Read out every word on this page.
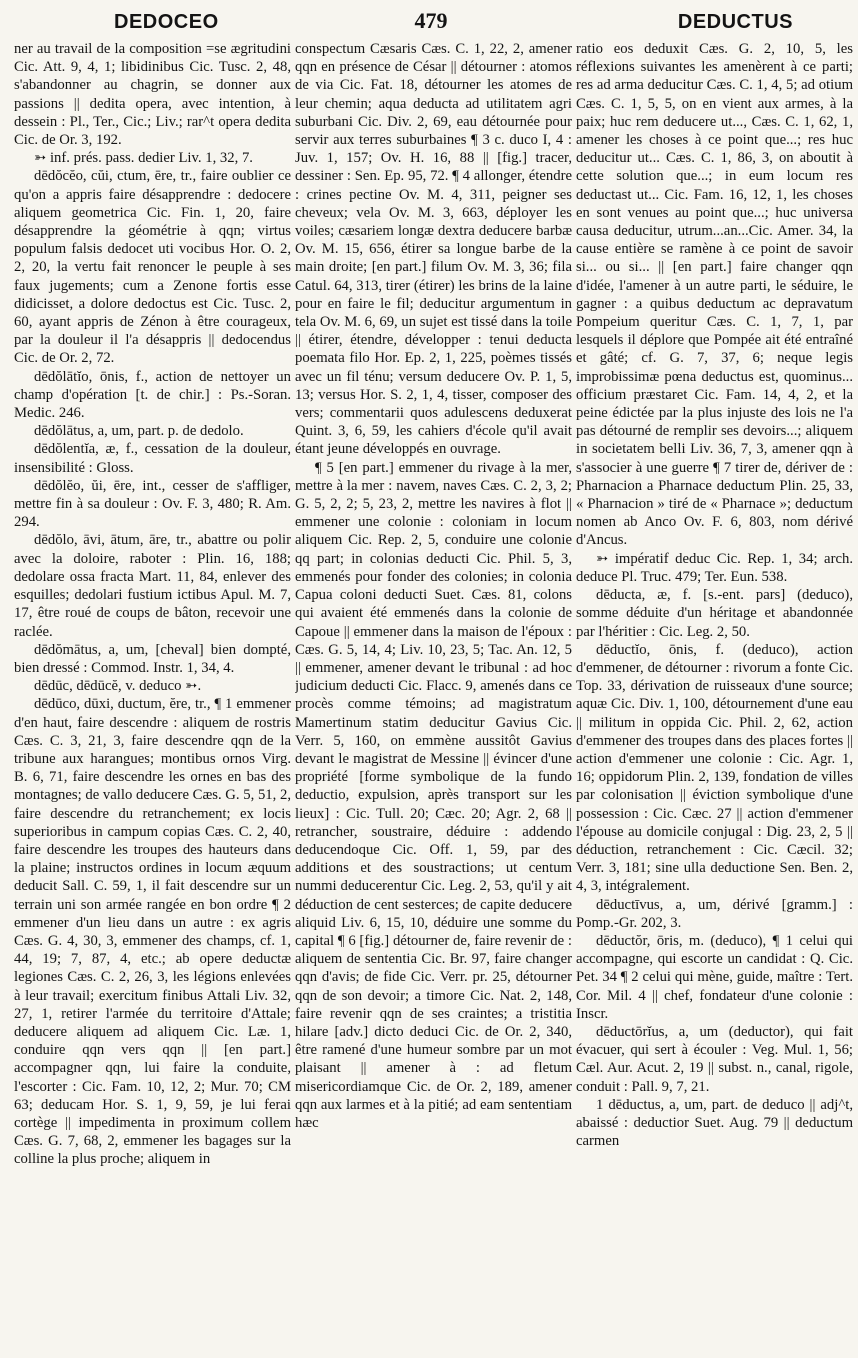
DEDOCEO	479	DEDUCTUS

ner au travail de la composition =se ægritudini Cic. Att. 9, 4, 1; libidinibus Cic. Tusc. 2, 48, s'abandonner au chagrin, se donner aux passions || dedita opera, avec intention, à dessein : Pl., Ter., Cic.; Liv.; rar^t opera dedita Cic. de Or. 3, 192.

➳ inf. prés. pass. dedier Liv. 1, 32, 7.

dēdŏcĕo, cŭi, ctum, ēre, tr., faire oublier ce qu'on a appris faire désapprendre : dedocere aliquem geometrica Cic. Fin. 1, 20, faire désapprendre la géométrie à qqn; virtus populum falsis dedocet uti vocibus Hor. O. 2, 2, 20, la vertu fait renoncer le peuple à ses faux jugements; cum a Zenone fortis esse didicisset, a dolore dedoctus est Cic. Tusc. 2, 60, ayant appris de Zénon à être courageux, par la douleur il l'a désappris || dedocendus Cic. de Or. 2, 72.

dēdŏlātĭo, ōnis, f., action de nettoyer un champ d'opération [t. de chir.] : Ps.-Soran. Medic. 246.

dēdŏlātus, a, um, part. p. de dedolo.

dēdŏlentĭa, æ, f., cessation de la douleur, insensibilité : Gloss.

dēdŏlĕo, ŭi, ēre, int., cesser de s'affliger, mettre fin à sa douleur : Ov. F. 3, 480; R. Am. 294.

dēdŏlo, āvi, ātum, āre, tr., abattre ou polir avec la doloire, raboter : Plin. 16, 188; dedolare ossa fracta Mart. 11, 84, enlever des esquilles; dedolari fustium ictibus Apul. M. 7, 17, être roué de coups de bâton, recevoir une raclée.

dēdŏmātus, a, um, [cheval] bien dompté, bien dressé : Commod. Instr. 1, 34, 4.

dēdūc, dēdūcĕ, v. deduco ➳.

dēdūco, dūxi, ductum, ĕre, tr., ¶ 1 emmener d'en haut, faire descendre : aliquem de rostris Cæs. C. 3, 21, 3, faire descendre qqn de la tribune aux harangues; montibus ornos Virg. B. 6, 71, faire descendre les ornes en bas des montagnes; de vallo deducere Cæs. G. 5, 51, 2, faire descendre du retranchement; ex locis superioribus in campum copias Cæs. C. 2, 40, faire descendre les troupes des hauteurs dans la plaine; instructos ordines in locum æquum deducit Sall. C. 59, 1, il fait descendre sur un terrain uni son armée rangée en bon ordre ¶ 2 emmener d'un lieu dans un autre : ex agris Cæs. G. 4, 30, 3, emmener des champs, cf. 1, 44, 19; 7, 87, 4, etc.; ab opere deductæ legiones Cæs. C. 2, 26, 3, les légions enlevées à leur travail; exercitum finibus Attali Liv. 32, 27, 1, retirer l'armée du territoire d'Attale; deducere aliquem ad aliquem Cic. Læ. 1, conduire qqn vers qqn || [en part.] accompagner qqn, lui faire la conduite, l'escorter : Cic. Fam. 10, 12, 2; Mur. 70; CM 63; deducam Hor. S. 1, 9, 59, je lui ferai cortège || impedimenta in proximum collem Cæs. G. 7, 68, 2, emmener les bagages sur la colline la plus proche; aliquem in

conspectum Cæsaris Cæs. C. 1, 22, 2, amener qqn en présence de César || détourner : atomos de via Cic. Fat. 18, détourner les atomes de leur chemin; aqua deducta ad utilitatem agri suburbani Cic. Div. 2, 69, eau détournée pour servir aux terres suburbaines ¶ 3 c. duco I, 4 : Juv. 1, 157; Ov. H. 16, 88 || [fig.] tracer, dessiner : Sen. Ep. 95, 72. ¶ 4 allonger, étendre : crines pectine Ov. M. 4, 311, peigner ses cheveux; vela Ov. M. 3, 663, déployer les voiles; cæsariem longæ dextra deducere barbæ Ov. M. 15, 656, étirer sa longue barbe de la main droite; [en part.] filum Ov. M. 3, 36; fila Catul. 64, 313, tirer (étirer) les brins de la laine pour en faire le fil; deducitur argumentum in tela Ov. M. 6, 69, un sujet est tissé dans la toile || étirer, étendre, développer : tenui deducta poemata filo Hor. Ep. 2, 1, 225, poèmes tissés avec un fil ténu; versum deducere Ov. P. 1, 5, 13; versus Hor. S. 2, 1, 4, tisser, composer des vers; commentarii quos adulescens deduxerat Quint. 3, 6, 59, les cahiers d'école qu'il avait étant jeune développés en ouvrage.

¶ 5 [en part.] emmener du rivage à la mer, mettre à la mer : navem, naves Cæs. C. 2, 3, 2; G. 5, 2, 2; 5, 23, 2, mettre les navires à flot || emmener une colonie : coloniam in locum aliquem Cic. Rep. 2, 5, conduire une colonie qq part; in colonias deducti Cic. Phil. 5, 3, emmenés pour fonder des colonies; in colonia Capua coloni deducti Suet. Cæs. 81, colons qui avaient été emmenés dans la colonie de Capoue || emmener dans la maison de l'époux : Cæs. G. 5, 14, 4; Liv. 10, 23, 5; Tac. An. 12, 5 || emmener, amener devant le tribunal : ad hoc judicium deducti Cic. Flacc. 9, amenés dans ce procès comme témoins; ad magistratum Mamertinum statim deducitur Gavius Cic. Verr. 5, 160, on emmène aussitôt Gavius devant le magistrat de Messine || évincer d'une propriété [forme symbolique de la fundo deductio, expulsion, après transport sur les lieux] : Cic. Tull. 20; Cæc. 20; Agr. 2, 68 || retrancher, soustraire, déduire : addendo deducendoque Cic. Off. 1, 59, par des additions et des soustractions; ut centum nummi deducerentur Cic. Leg. 2, 53, qu'il y ait déduction de cent sesterces; de capite deducere aliquid Liv. 6, 15, 10, déduire une somme du capital ¶ 6 [fig.] détourner de, faire revenir de : aliquem de sententia Cic. Br. 97, faire changer qqn d'avis; de fide Cic. Verr. pr. 25, détourner qqn de son devoir; a timore Cic. Nat. 2, 148, faire revenir qqn de ses craintes; a tristitia hilare [adv.] dicto deduci Cic. de Or. 2, 340, être ramené d'une humeur sombre par un mot plaisant || amener à : ad fletum misericordiamque Cic. de Or. 2, 189, amener qqn aux larmes et à la pitié; ad eam sententiam hæc

ratio eos deduxit Cæs. G. 2, 10, 5, les réflexions suivantes les amenèrent à ce parti; res ad arma deducitur Cæs. C. 1, 4, 5; ad otium Cæs. C. 1, 5, 5, on en vient aux armes, à la paix; huc rem deducere ut..., Cæs. C. 1, 62, 1, amener les choses à ce point que...; res huc deducitur ut... Cæs. C. 1, 86, 3, on aboutit à cette solution que...; in eum locum res deductast ut... Cic. Fam. 16, 12, 1, les choses en sont venues au point que...; huc universa causa deducitur, utrum...an...Cic. Amer. 34, la cause entière se ramène à ce point de savoir si... ou si... || [en part.] faire changer qqn d'idée, l'amener à un autre parti, le séduire, le gagner : a quibus deductum ac depravatum Pompeium queritur Cæs. C. 1, 7, 1, par lesquels il déplore que Pompée ait été entraîné et gâté; cf. G. 7, 37, 6; neque legis improbissimæ pœna deductus est, quominus... officium præstaret Cic. Fam. 14, 4, 2, et la peine édictée par la plus injuste des lois ne l'a pas détourné de remplir ses devoirs...; aliquem in societatem belli Liv. 36, 7, 3, amener qqn à s'associer à une guerre ¶ 7 tirer de, dériver de : Pharnacion a Pharnace deductum Plin. 25, 33, « Pharnacion » tiré de « Pharnace »; deductum nomen ab Anco Ov. F. 6, 803, nom dérivé d'Ancus.

➳ impératif deduc Cic. Rep. 1, 34; arch. deduce Pl. Truc. 479; Ter. Eun. 538.

dēducta, æ, f. [s.-ent. pars] (deduco), somme déduite d'un héritage et abandonnée par l'héritier : Cic. Leg. 2, 50.

dēductĭo, ōnis, f. (deduco), action d'emmener, de détourner : rivorum a fonte Cic. Top. 33, dérivation de ruisseaux d'une source; aquæ Cic. Div. 1, 100, détournement d'une eau || militum in oppida Cic. Phil. 2, 62, action d'emmener des troupes dans des places fortes || action d'emmener une colonie : Cic. Agr. 1, 16; oppidorum Plin. 2, 139, fondation de villes par colonisation || éviction symbolique d'une possession : Cic. Cæc. 27 || action d'emmener l'épouse au domicile conjugal : Dig. 23, 2, 5 || déduction, retranchement : Cic. Cæcil. 32; Verr. 3, 181; sine ulla deductione Sen. Ben. 2, 4, 3, intégralement.

dēductīvus, a, um, dérivé [gramm.] : Pomp.-Gr. 202, 3.

dēductŏr, ōris, m. (deduco), ¶ 1 celui qui accompagne, qui escorte un candidat : Q. Cic. Pet. 34 ¶ 2 celui qui mène, guide, maître : Tert. Cor. Mil. 4 || chef, fondateur d'une colonie : Inscr.

dēductōrĭus, a, um (deductor), qui fait évacuer, qui sert à écouler : Veg. Mul. 1, 56; Cæl. Aur. Acut. 2, 19 || subst. n., canal, rigole, conduit : Pall. 9, 7, 21.

1 dēductus, a, um, part. de deduco || adj^t, abaissé : deductior Suet. Aug. 79 || deductum carmen
